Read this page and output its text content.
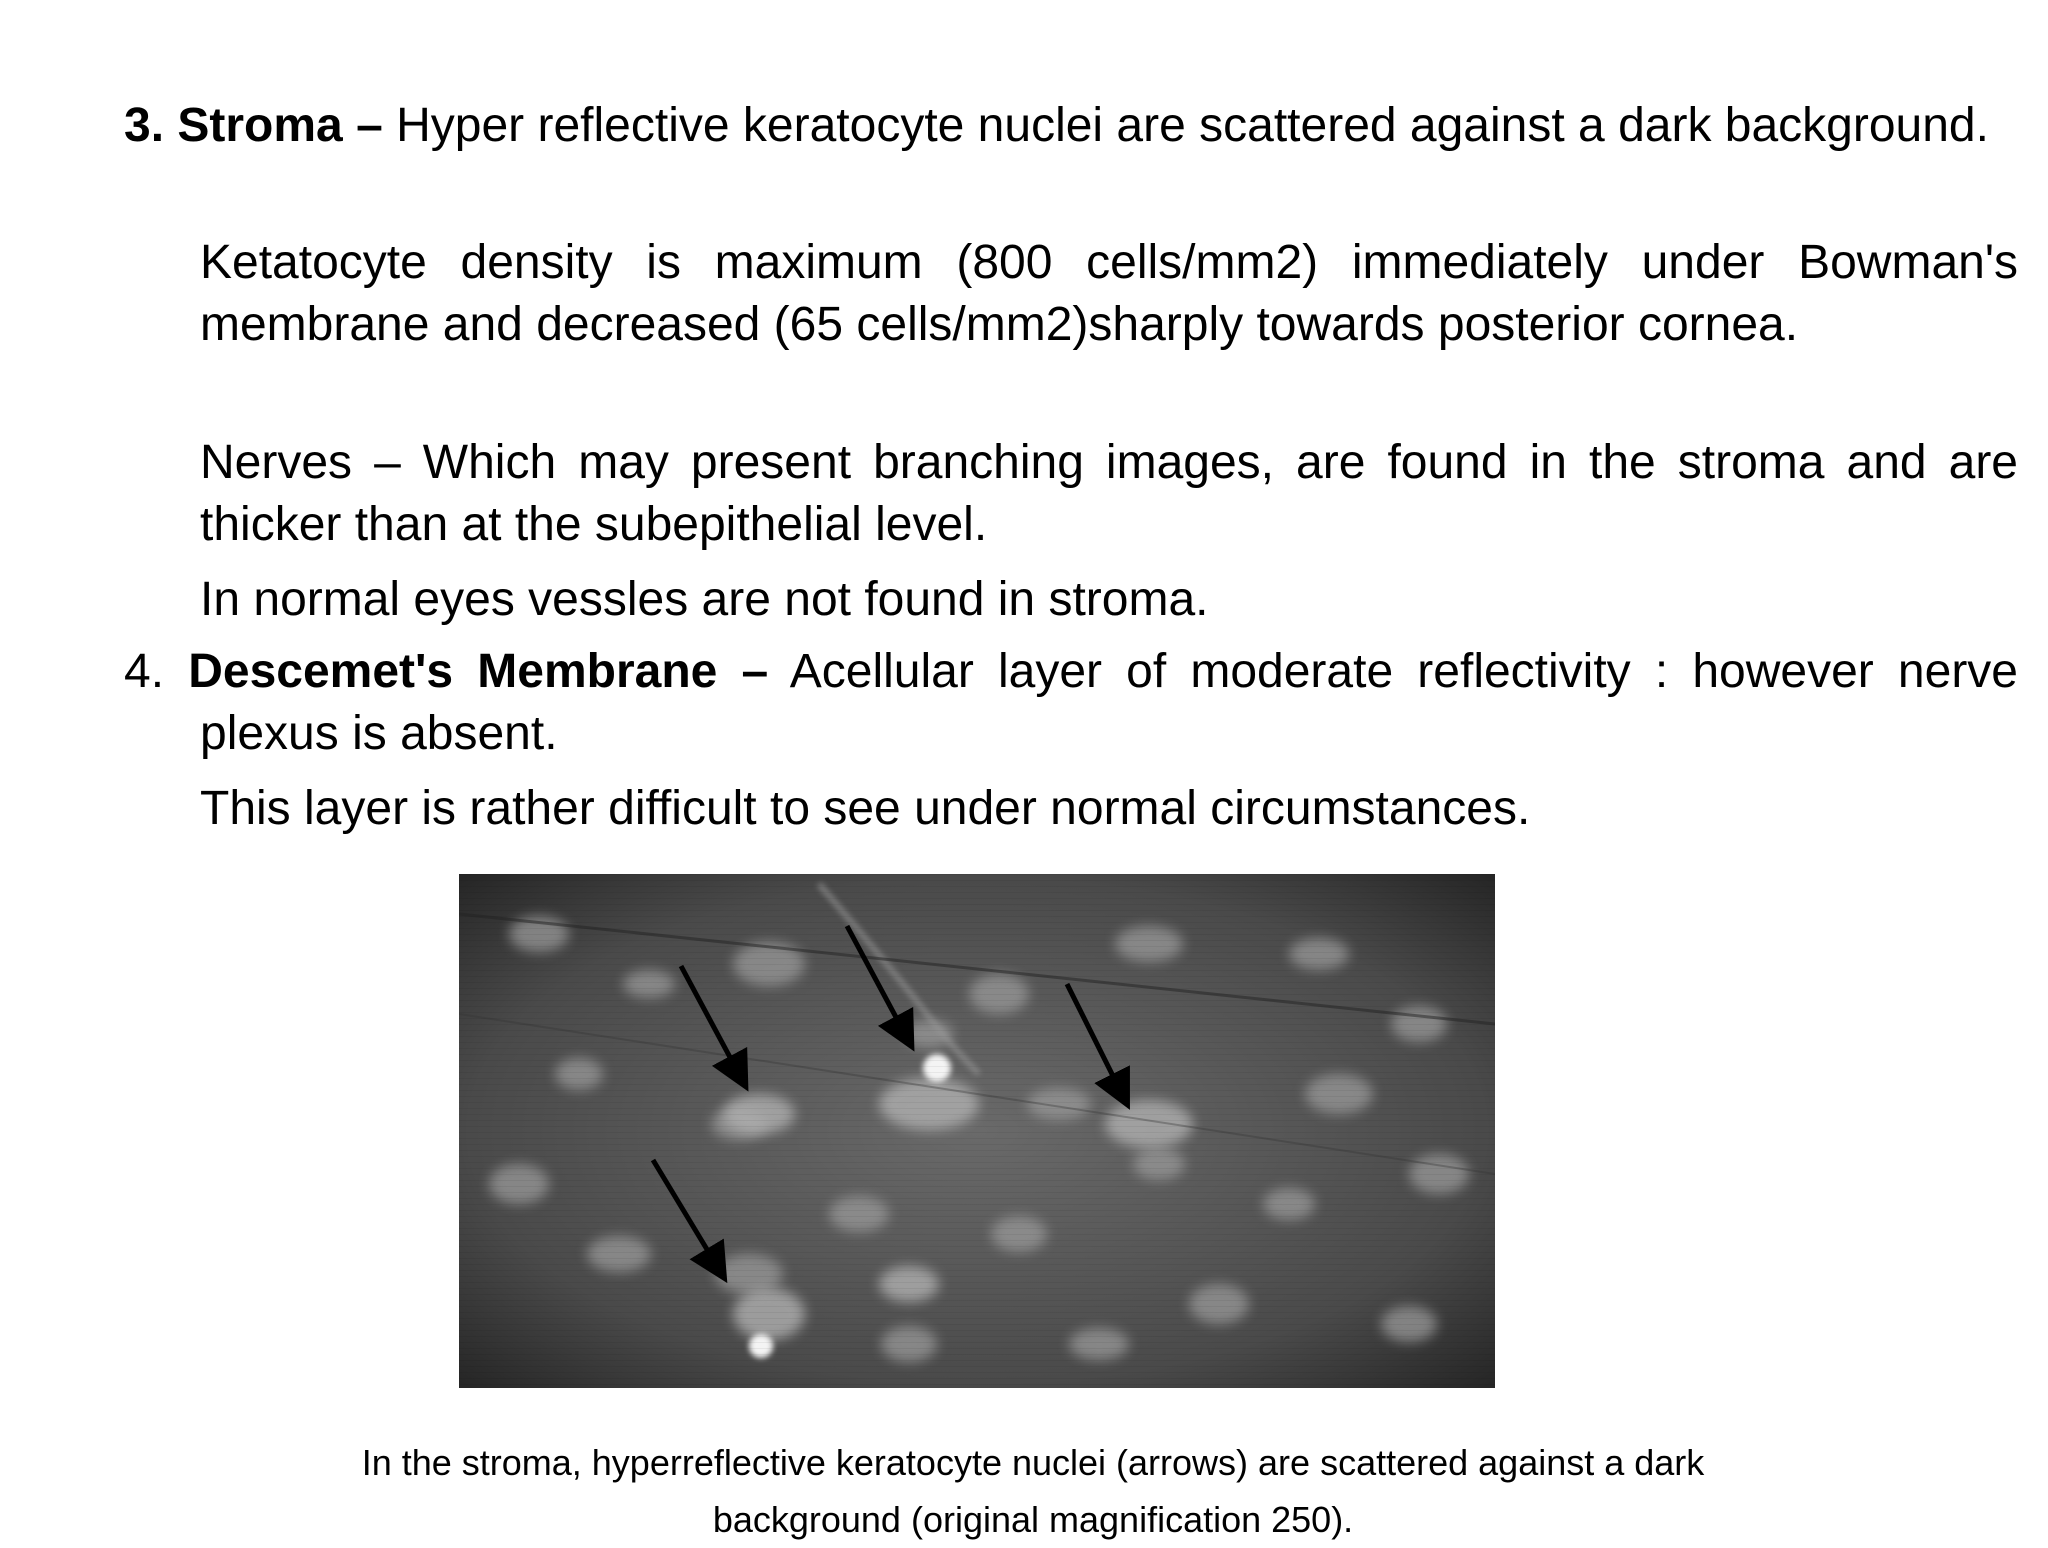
3. Stroma – Hyper reflective keratocyte nuclei are scattered against a dark background.
Ketatocyte density is maximum (800 cells/mm2) immediately under Bowman's membrane and decreased (65 cells/mm2)sharply towards posterior cornea.
Nerves – Which may present branching images, are found in the stroma and are thicker than at the subepithelial level.
In normal eyes vessles are not found in stroma.
4. Descemet's Membrane – Acellular layer of moderate reflectivity : however nerve plexus is absent.
This layer is rather difficult to see under normal circumstances.
In the stroma, hyperreflective keratocyte nuclei (arrows) are scattered against a dark
background (original magnification 250).
